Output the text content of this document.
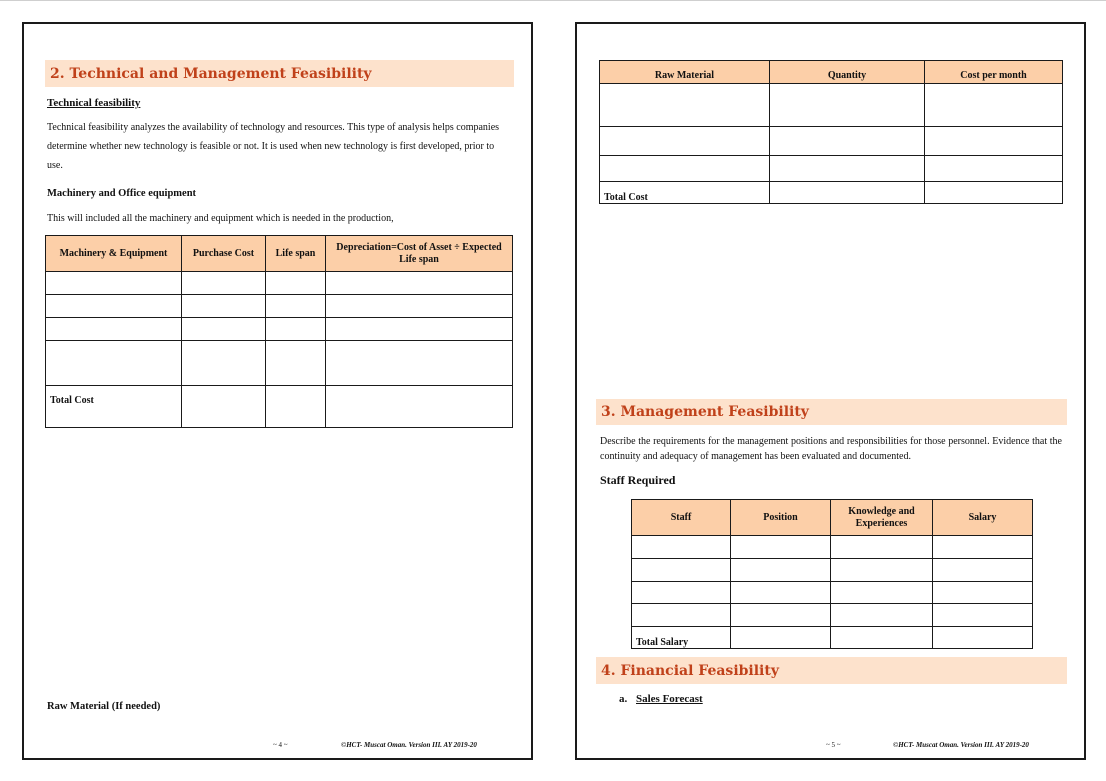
2. Technical and Management Feasibility
Technical feasibility
Technical feasibility analyzes the availability of technology and resources. This type of analysis helps companies determine whether new technology is feasible or not. It is used when new technology is first developed, prior to use.
Machinery and Office equipment
This will included all the machinery and equipment which is needed in the production,
Machinery & Equipment	Purchase Cost	Life span	Depreciation=Cost of Asset ÷ Expected Life span

Total Cost			
Raw Material (If needed)
~ 4 ~	©HCT- Muscat Oman. Version III. AY 2019-20
Raw Material	Quantity	Cost per month

Total Cost		
3. Management Feasibility
Describe the requirements for the management positions and responsibilities for those personnel. Evidence that the continuity and adequacy of management has been evaluated and documented.
Staff Required
Staff	Position	Knowledge and Experiences	Salary

Total Salary			
4. Financial Feasibility
a. Sales Forecast
~ 5 ~	©HCT- Muscat Oman. Version III. AY 2019-20
